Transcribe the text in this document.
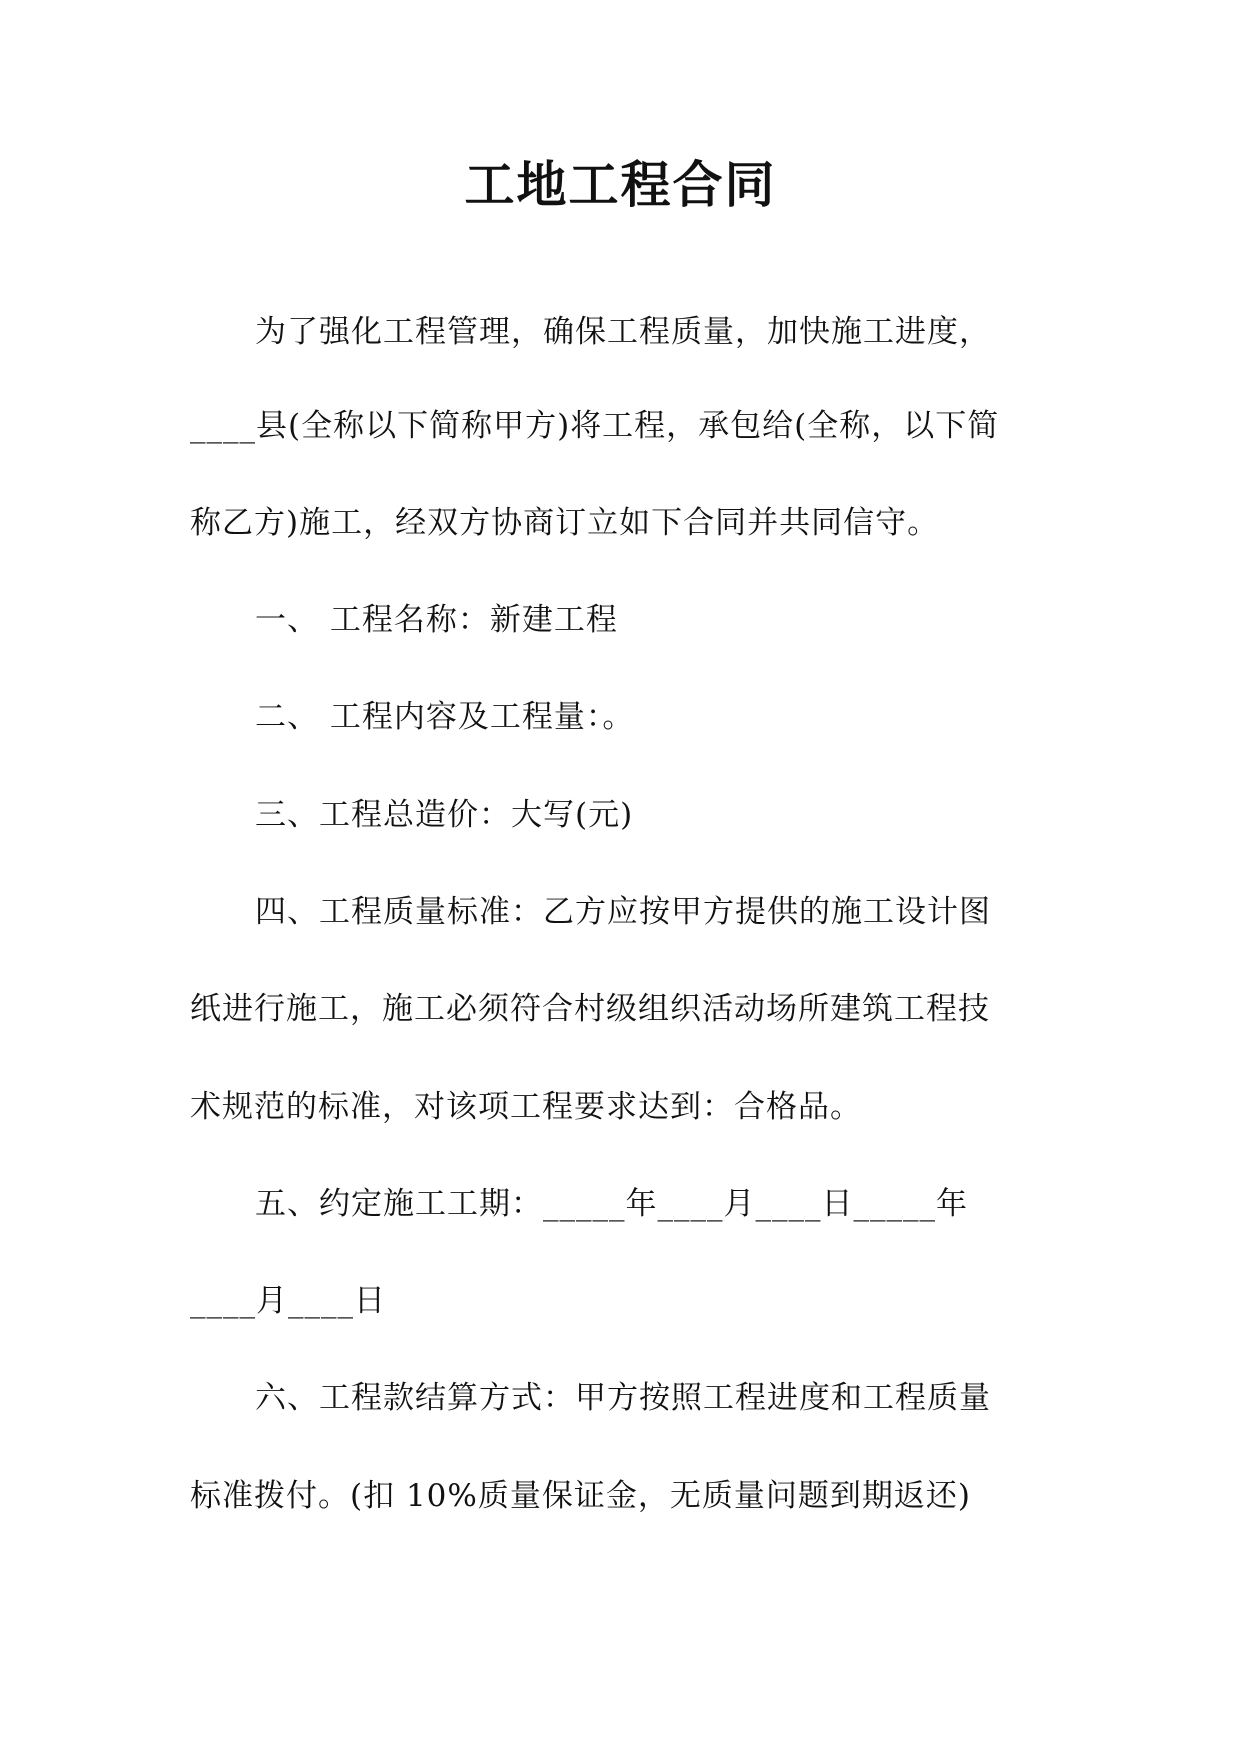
工地工程合同
为了强化工程管理，确保工程质量，加快施工进度，
____县(全称以下简称甲方)将工程，承包给(全称，以下简
称乙方)施工，经双方协商订立如下合同并共同信守。
一、 工程名称：新建工程
二、 工程内容及工程量：。
三、工程总造价：大写(元)
四、工程质量标准：乙方应按甲方提供的施工设计图
纸进行施工，施工必须符合村级组织活动场所建筑工程技
术规范的标准，对该项工程要求达到：合格品。
五、约定施工工期：_____年____月____日_____年
____月____日
六、工程款结算方式：甲方按照工程进度和工程质量
标准拨付。(扣 10%质量保证金，无质量问题到期返还)
